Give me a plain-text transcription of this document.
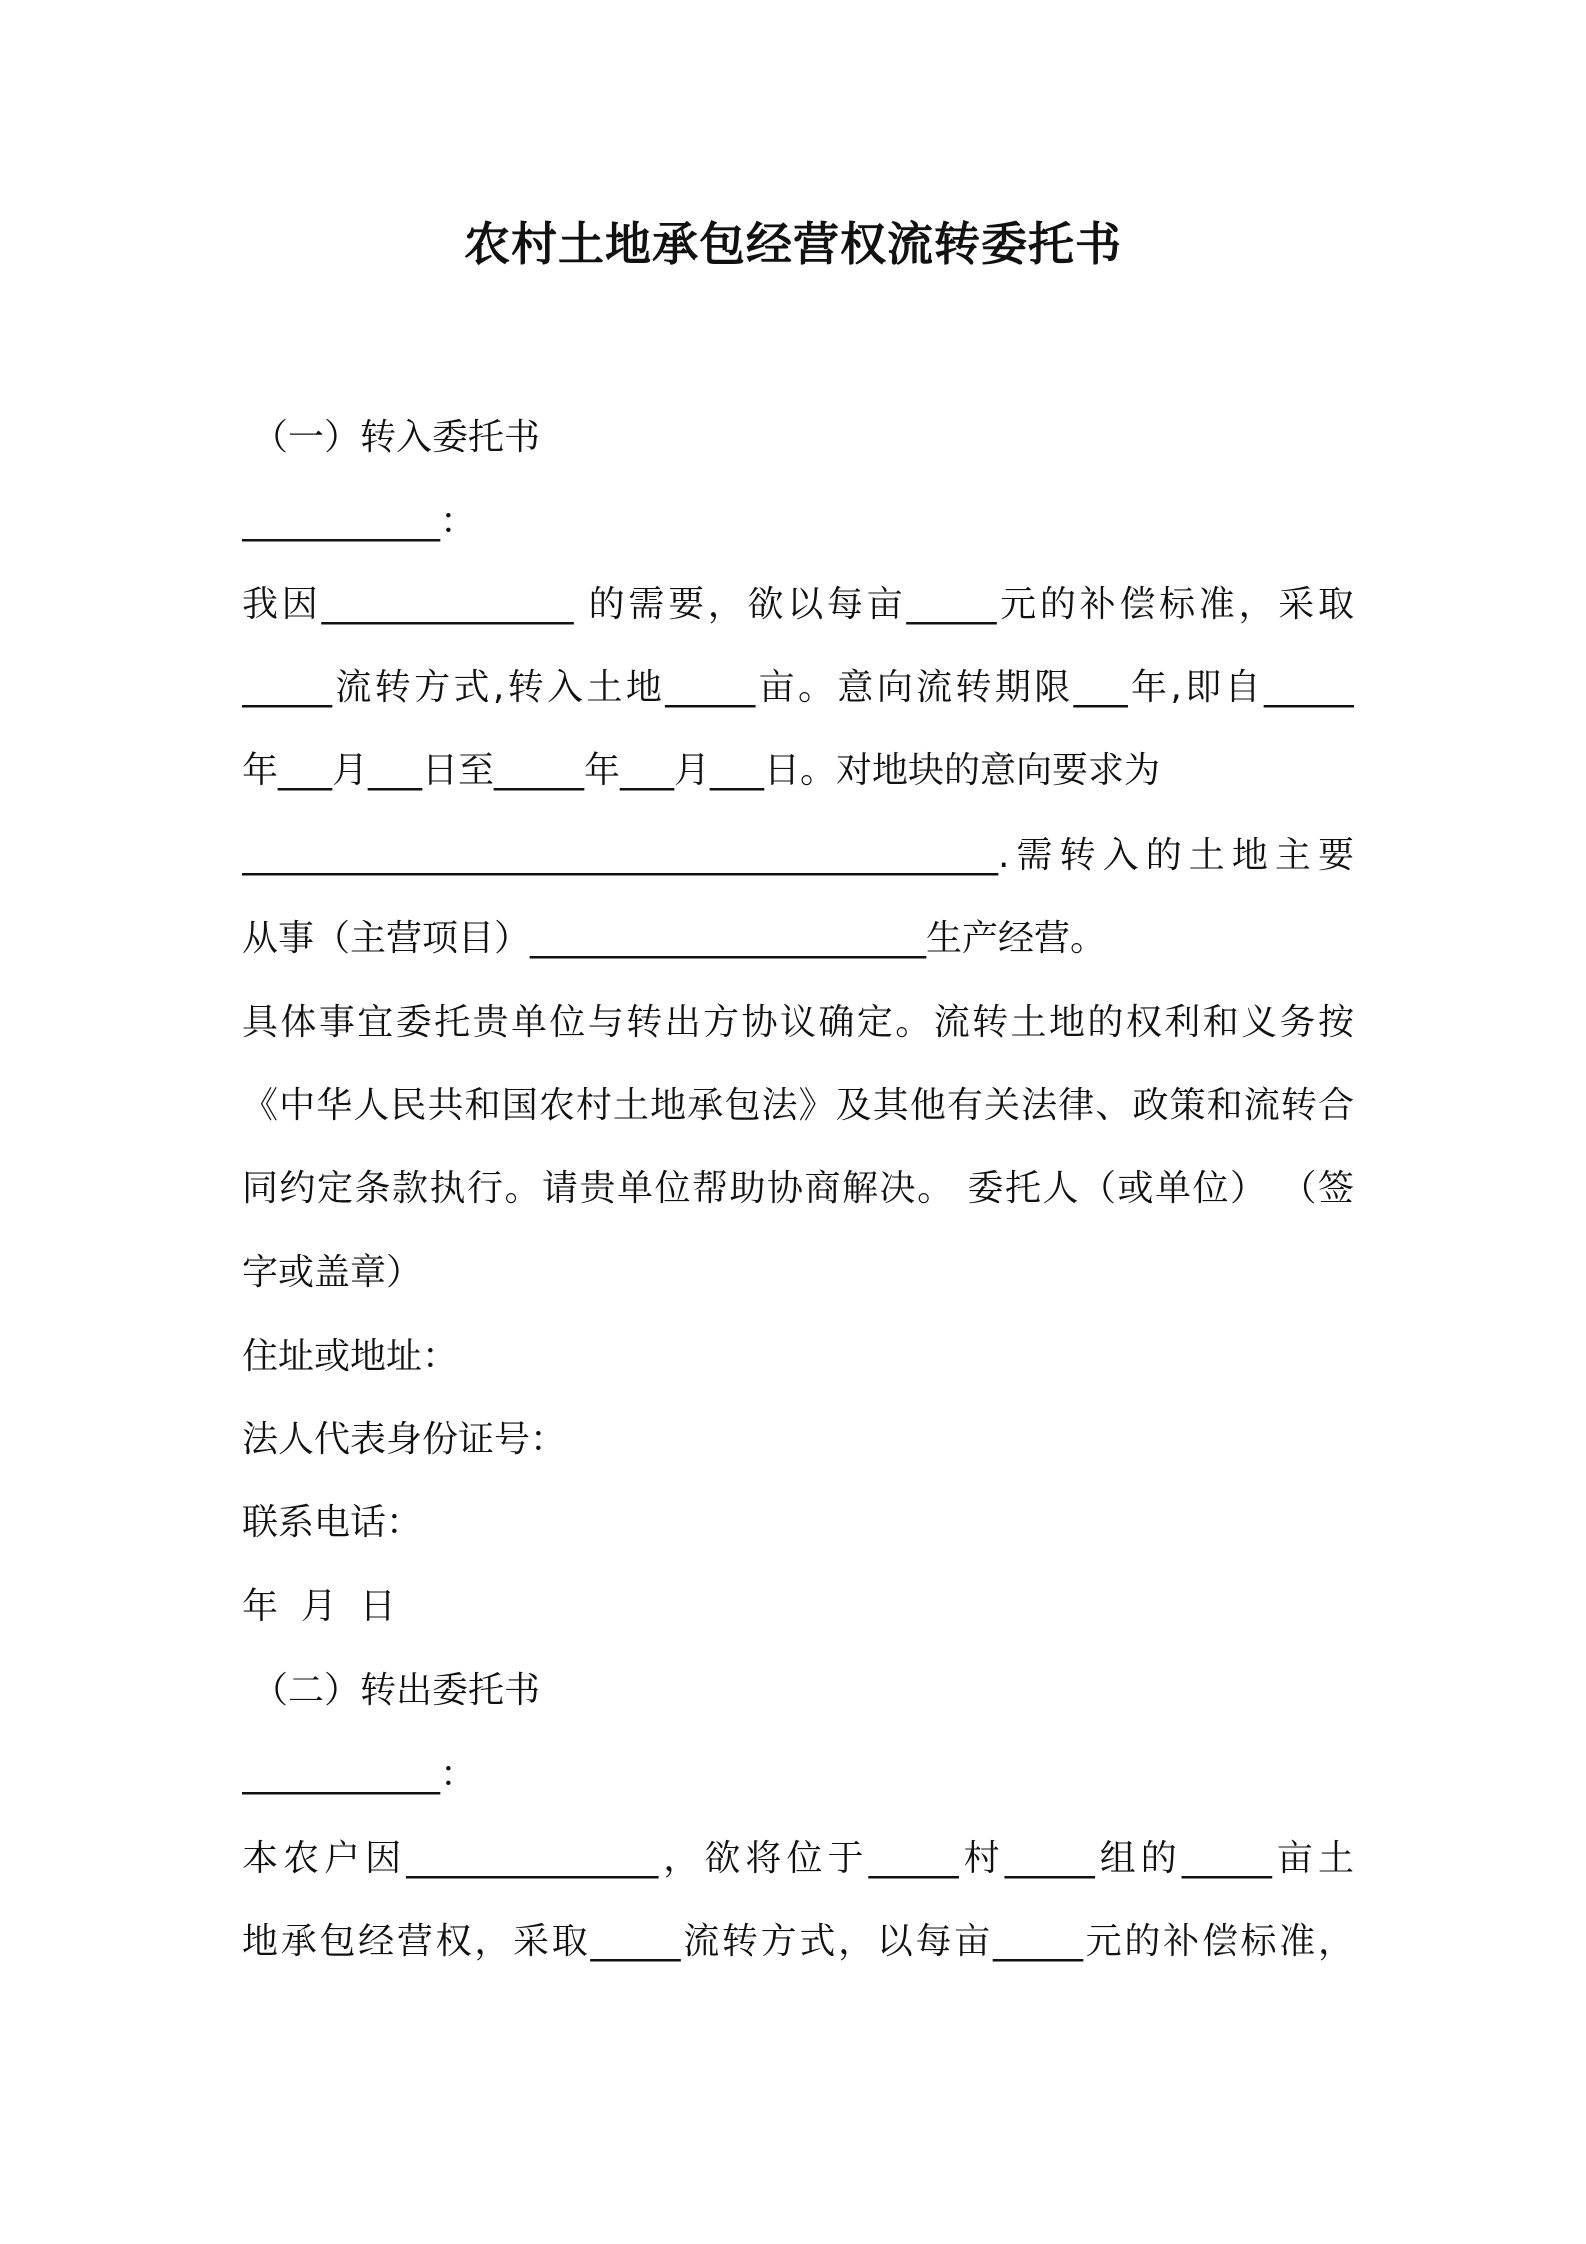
农村土地承包经营权流转委托书
（一）转入委托书
___________：
我因______________ 的需要，欲以每亩_____元的补偿标准，采取
_____流转方式,转入土地_____亩。意向流转期限___年,即自_____
年___月___日至_____年___月___日。对地块的意向要求为
__________________________________________.需转入的土地主要
从事（主营项目）______________________生产经营。
具体事宜委托贵单位与转出方协议确定。流转土地的权利和义务按
《中华人民共和国农村土地承包法》及其他有关法律、政策和流转合
同约定条款执行。请贵单位帮助协商解决。 委托人（或单位） （签
字或盖章）
住址或地址：
法人代表身份证号：
联系电话：
年  月  日
（二）转出委托书
___________：
本农户因______________，欲将位于_____村_____组的_____亩土
地承包经营权，采取_____流转方式，以每亩_____元的补偿标准，
